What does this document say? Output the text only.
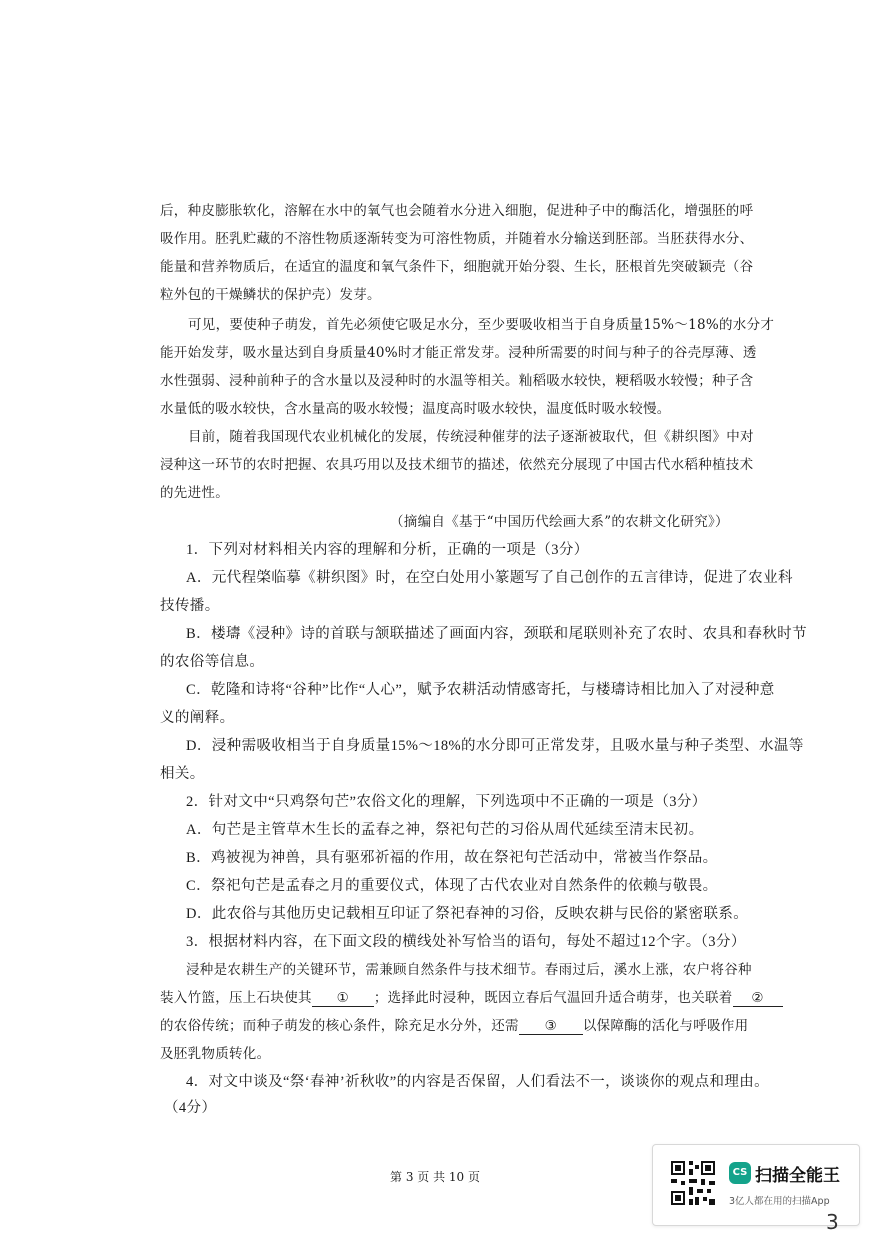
后，种皮膨胀软化，溶解在水中的氧气也会随着水分进入细胞，促进种子中的酶活化，增强胚的呼
吸作用。胚乳贮藏的不溶性物质逐渐转变为可溶性物质，并随着水分输送到胚部。当胚获得水分、
能量和营养物质后，在适宜的温度和氧气条件下，细胞就开始分裂、生长，胚根首先突破颖壳（谷
粒外包的干燥鳞状的保护壳）发芽。
可见，要使种子萌发，首先必须使它吸足水分，至少要吸收相当于自身质量15%～18%的水分才
能开始发芽，吸水量达到自身质量40%时才能正常发芽。浸种所需要的时间与种子的谷壳厚薄、透
水性强弱、浸种前种子的含水量以及浸种时的水温等相关。籼稻吸水较快，粳稻吸水较慢；种子含
水量低的吸水较快，含水量高的吸水较慢；温度高时吸水较快，温度低时吸水较慢。
目前，随着我国现代农业机械化的发展，传统浸种催芽的法子逐渐被取代，但《耕织图》中对
浸种这一环节的农时把握、农具巧用以及技术细节的描述，依然充分展现了中国古代水稻种植技术
的先进性。
（摘编自《基于“中国历代绘画大系”的农耕文化研究》）
1．下列对材料相关内容的理解和分析，正确的一项是（3分）
A．元代程棨临摹《耕织图》时，在空白处用小篆题写了自己创作的五言律诗，促进了农业科
技传播。
B．楼璹《浸种》诗的首联与颔联描述了画面内容，颈联和尾联则补充了农时、农具和春秋时节
的农俗等信息。
C．乾隆和诗将“谷种”比作“人心”，赋予农耕活动情感寄托，与楼璹诗相比加入了对浸种意
义的阐释。
D．浸种需吸收相当于自身质量15%～18%的水分即可正常发芽，且吸水量与种子类型、水温等
相关。
2．针对文中“只鸡祭句芒”农俗文化的理解，下列选项中不正确的一项是（3分）
A．句芒是主管草木生长的孟春之神，祭祀句芒的习俗从周代延续至清末民初。
B．鸡被视为神兽，具有驱邪祈福的作用，故在祭祀句芒活动中，常被当作祭品。
C．祭祀句芒是孟春之月的重要仪式，体现了古代农业对自然条件的依赖与敬畏。
D．此农俗与其他历史记载相互印证了祭祀春神的习俗，反映农耕与民俗的紧密联系。
3．根据材料内容，在下面文段的横线处补写恰当的语句，每处不超过12个字。（3分）
浸种是农耕生产的关键环节，需兼顾自然条件与技术细节。春雨过后，溪水上涨，农户将谷种
装入竹篮，压上石块使其 ① ；选择此时浸种，既因立春后气温回升适合萌芽，也关联着 ②
的农俗传统；而种子萌发的核心条件，除充足水分外，还需 ③ 以保障酶的活化与呼吸作用
及胚乳物质转化。
4．对文中谈及“祭‘春神’祈秋收”的内容是否保留，人们看法不一，谈谈你的观点和理由。
（4分）
第 3 页 共 10 页	CS 扫描全能王
3亿人都在用的扫描App
3
